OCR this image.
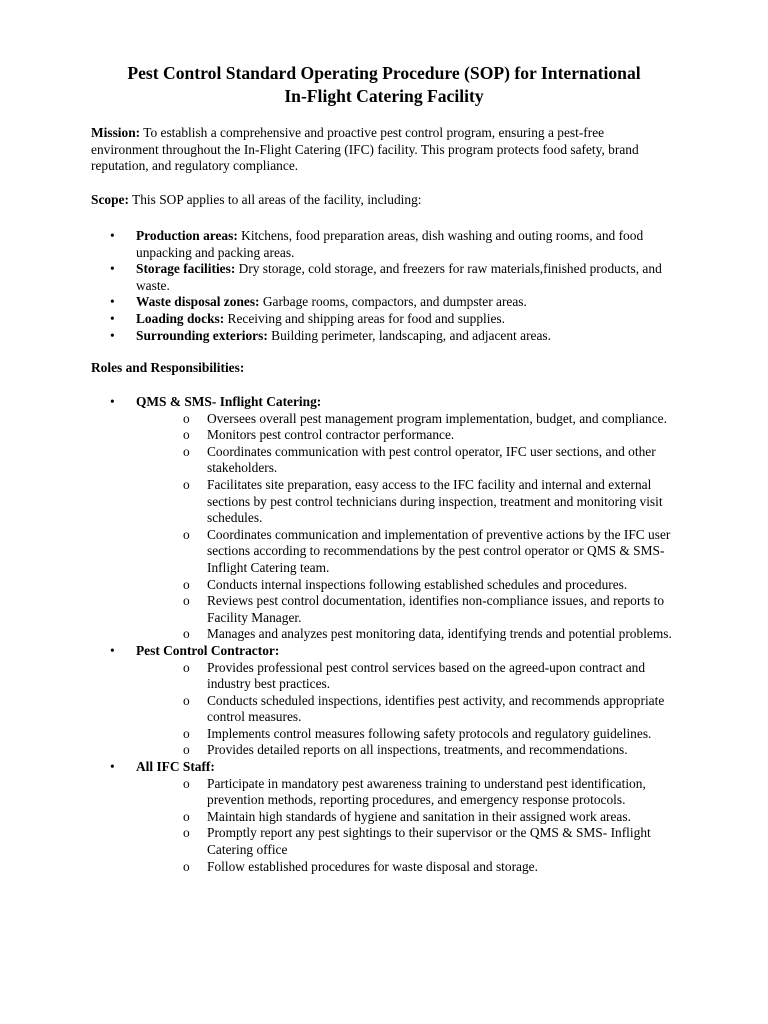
Pest Control Standard Operating Procedure (SOP) for International
In-Flight Catering Facility
Mission: To establish a comprehensive and proactive pest control program, ensuring a pest-free environment throughout the In-Flight Catering (IFC) facility. This program protects food safety, brand reputation, and regulatory compliance.
Scope: This SOP applies to all areas of the facility, including:
•	Production areas: Kitchens, food preparation areas, dish washing and outing rooms, and food unpacking and packing areas.
•	Storage facilities: Dry storage, cold storage, and freezers for raw materials,finished products, and waste.
•	Waste disposal zones: Garbage rooms, compactors, and dumpster areas.
•	Loading docks: Receiving and shipping areas for food and supplies.
•	Surrounding exteriors: Building perimeter, landscaping, and adjacent areas.
Roles and Responsibilities:
•	QMS & SMS- Inflight Catering:
o Oversees overall pest management program implementation, budget, and compliance.
o Monitors pest control contractor performance.
o Coordinates communication with pest control operator, IFC user sections, and other stakeholders.
o Facilitates site preparation, easy access to the IFC facility and internal and external sections by pest control technicians during inspection, treatment and monitoring visit schedules.
o Coordinates communication and implementation of preventive actions by the IFC user sections according to recommendations by the pest control operator or QMS & SMS- Inflight Catering team.
o Conducts internal inspections following established schedules and procedures.
o Reviews pest control documentation, identifies non-compliance issues, and reports to Facility Manager.
o Manages and analyzes pest monitoring data, identifying trends and potential problems.
•	Pest Control Contractor:
o Provides professional pest control services based on the agreed-upon contract and industry best practices.
o Conducts scheduled inspections, identifies pest activity, and recommends appropriate control measures.
o Implements control measures following safety protocols and regulatory guidelines.
o Provides detailed reports on all inspections, treatments, and recommendations.
•	All IFC Staff:
o Participate in mandatory pest awareness training to understand pest identification, prevention methods, reporting procedures, and emergency response protocols.
o Maintain high standards of hygiene and sanitation in their assigned work areas.
o Promptly report any pest sightings to their supervisor or the QMS & SMS- Inflight Catering office
o Follow established procedures for waste disposal and storage.
